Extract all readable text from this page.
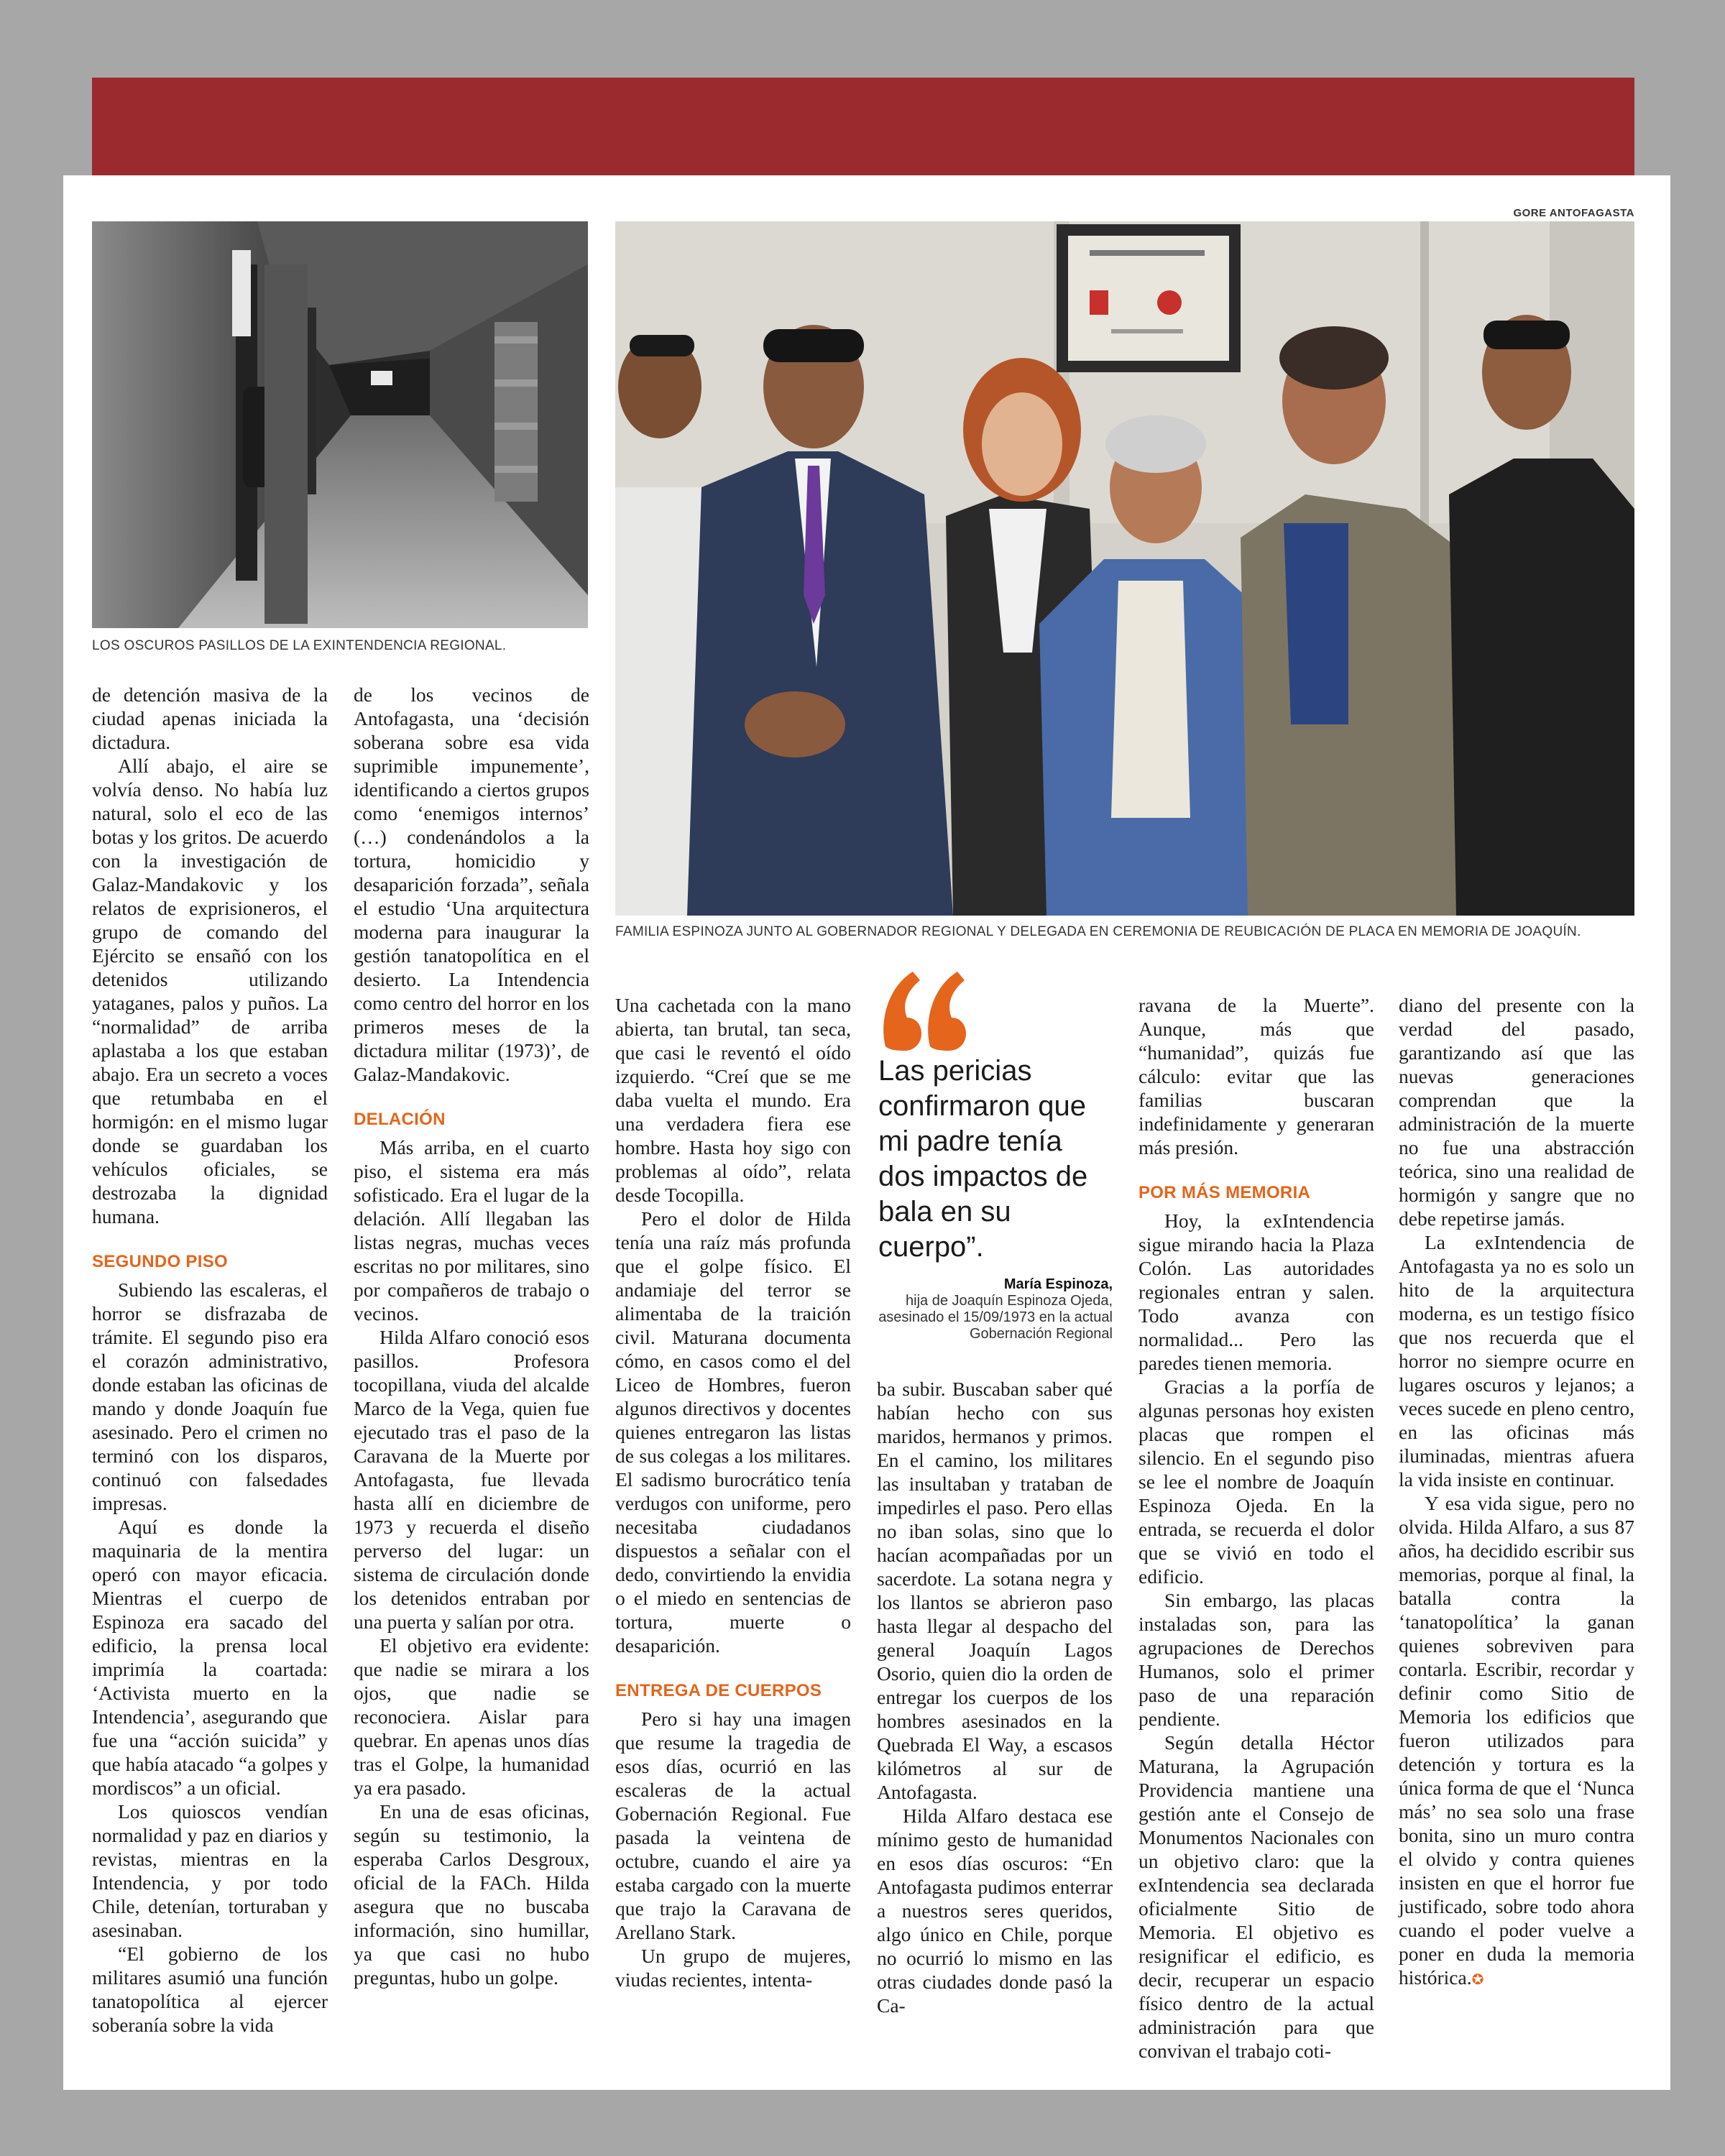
GORE ANTOFAGASTA
LOS OSCUROS PASILLOS DE LA EXINTENDENCIA REGIONAL.
FAMILIA ESPINOZA JUNTO AL GOBERNADOR REGIONAL Y DELEGADA EN CEREMONIA DE REUBICACIÓN DE PLACA EN MEMORIA DE JOAQUÍN.

de detención masiva de la ciudad apenas iniciada la dictadura.

Allí abajo, el aire se volvía denso. No había luz natural, solo el eco de las botas y los gritos. De acuerdo con la investigación de Galaz-Mandakovic y los relatos de exprisioneros, el grupo de comando del Ejército se ensañó con los detenidos utilizando yataganes, palos y puños. La “normalidad” de arriba aplastaba a los que estaban abajo. Era un secreto a voces que retumbaba en el hormigón: en el mismo lugar donde se guardaban los vehículos oficiales, se destrozaba la dignidad humana.

SEGUNDO PISO

Subiendo las escaleras, el horror se disfrazaba de trámite. El segundo piso era el corazón administrativo, donde estaban las oficinas de mando y donde Joaquín fue asesinado. Pero el crimen no terminó con los disparos, continuó con falsedades impresas.

Aquí es donde la maquinaria de la mentira operó con mayor eficacia. Mientras el cuerpo de Espinoza era sacado del edificio, la prensa local imprimía la coartada: ‘Activista muerto en la Intendencia’, asegurando que fue una “acción suicida” y que había atacado “a golpes y mordiscos” a un oficial.

Los quioscos vendían normalidad y paz en diarios y revistas, mientras en la Intendencia, y por todo Chile, detenían, torturaban y asesinaban.

“El gobierno de los militares asumió una función tanatopolítica al ejercer soberanía sobre la vida

de los vecinos de Antofagasta, una ‘decisión soberana sobre esa vida suprimible impunemente’, identificando a ciertos grupos como ‘enemigos internos’ (…) condenándolos a la tortura, homicidio y desaparición forzada”, señala el estudio ‘Una arquitectura moderna para inaugurar la gestión tanatopolítica en el desierto. La Intendencia como centro del horror en los primeros meses de la dictadura militar (1973)’, de Galaz-Mandakovic.

DELACIÓN

Más arriba, en el cuarto piso, el sistema era más sofisticado. Era el lugar de la delación. Allí llegaban las listas negras, muchas veces escritas no por militares, sino por compañeros de trabajo o vecinos.

Hilda Alfaro conoció esos pasillos. Profesora tocopillana, viuda del alcalde Marco de la Vega, quien fue ejecutado tras el paso de la Caravana de la Muerte por Antofagasta, fue llevada hasta allí en diciembre de 1973 y recuerda el diseño perverso del lugar: un sistema de circulación donde los detenidos entraban por una puerta y salían por otra.

El objetivo era evidente: que nadie se mirara a los ojos, que nadie se reconociera. Aislar para quebrar. En apenas unos días tras el Golpe, la humanidad ya era pasado.

En una de esas oficinas, según su testimonio, la esperaba Carlos Desgroux, oficial de la FACh. Hilda asegura que no buscaba información, sino humillar, ya que casi no hubo preguntas, hubo un golpe.

Una cachetada con la mano abierta, tan brutal, tan seca, que casi le reventó el oído izquierdo. “Creí que se me daba vuelta el mundo. Era una verdadera fiera ese hombre. Hasta hoy sigo con problemas al oído”, relata desde Tocopilla.

Pero el dolor de Hilda tenía una raíz más profunda que el golpe físico. El andamiaje del terror se alimentaba de la traición civil. Maturana documenta cómo, en casos como el del Liceo de Hombres, fueron algunos directivos y docentes quienes entregaron las listas de sus colegas a los militares. El sadismo burocrático tenía verdugos con uniforme, pero necesitaba ciudadanos dispuestos a señalar con el dedo, convirtiendo la envidia o el miedo en sentencias de tortura, muerte o desaparición.

ENTREGA DE CUERPOS

Pero si hay una imagen que resume la tragedia de esos días, ocurrió en las escaleras de la actual Gobernación Regional. Fue pasada la veintena de octubre, cuando el aire ya estaba cargado con la muerte que trajo la Caravana de Arellano Stark.

Un grupo de mujeres, viudas recientes, intenta-

Las pericias confirmaron que mi padre tenía dos impactos de bala en su cuerpo”.
María Espinoza,
hija de Joaquín Espinoza Ojeda, asesinado el 15/09/1973 en la actual Gobernación Regional

ba subir. Buscaban saber qué habían hecho con sus maridos, hermanos y primos. En el camino, los militares las insultaban y trataban de impedirles el paso. Pero ellas no iban solas, sino que lo hacían acompañadas por un sacerdote. La sotana negra y los llantos se abrieron paso hasta llegar al despacho del general Joaquín Lagos Osorio, quien dio la orden de entregar los cuerpos de los hombres asesinados en la Quebrada El Way, a escasos kilómetros al sur de Antofagasta.

Hilda Alfaro destaca ese mínimo gesto de humanidad en esos días oscuros: “En Antofagasta pudimos enterrar a nuestros seres queridos, algo único en Chile, porque no ocurrió lo mismo en las otras ciudades donde pasó la Ca-

ravana de la Muerte”. Aunque, más que “humanidad”, quizás fue cálculo: evitar que las familias buscaran indefinidamente y generaran más presión.

POR MÁS MEMORIA

Hoy, la exIntendencia sigue mirando hacia la Plaza Colón. Las autoridades regionales entran y salen. Todo avanza con normalidad... Pero las paredes tienen memoria.

Gracias a la porfía de algunas personas hoy existen placas que rompen el silencio. En el segundo piso se lee el nombre de Joaquín Espinoza Ojeda. En la entrada, se recuerda el dolor que se vivió en todo el edificio.

Sin embargo, las placas instaladas son, para las agrupaciones de Derechos Humanos, solo el primer paso de una reparación pendiente.

Según detalla Héctor Maturana, la Agrupación Providencia mantiene una gestión ante el Consejo de Monumentos Nacionales con un objetivo claro: que la exIntendencia sea declarada oficialmente Sitio de Memoria. El objetivo es resignificar el edificio, es decir, recuperar un espacio físico dentro de la actual administración para que convivan el trabajo coti-

diano del presente con la verdad del pasado, garantizando así que las nuevas generaciones comprendan que la administración de la muerte no fue una abstracción teórica, sino una realidad de hormigón y sangre que no debe repetirse jamás.

La exIntendencia de Antofagasta ya no es solo un hito de la arquitectura moderna, es un testigo físico que nos recuerda que el horror no siempre ocurre en lugares oscuros y lejanos; a veces sucede en pleno centro, en las oficinas más iluminadas, mientras afuera la vida insiste en continuar.

Y esa vida sigue, pero no olvida. Hilda Alfaro, a sus 87 años, ha decidido escribir sus memorias, porque al final, la batalla contra la ‘tanatopolítica’ la ganan quienes sobreviven para contarla. Escribir, recordar y definir como Sitio de Memoria los edificios que fueron utilizados para detención y tortura es la única forma de que el ‘Nunca más’ no sea solo una frase bonita, sino un muro contra el olvido y contra quienes insisten en que el horror fue justificado, sobre todo ahora cuando el poder vuelve a poner en duda la memoria histórica.✪
